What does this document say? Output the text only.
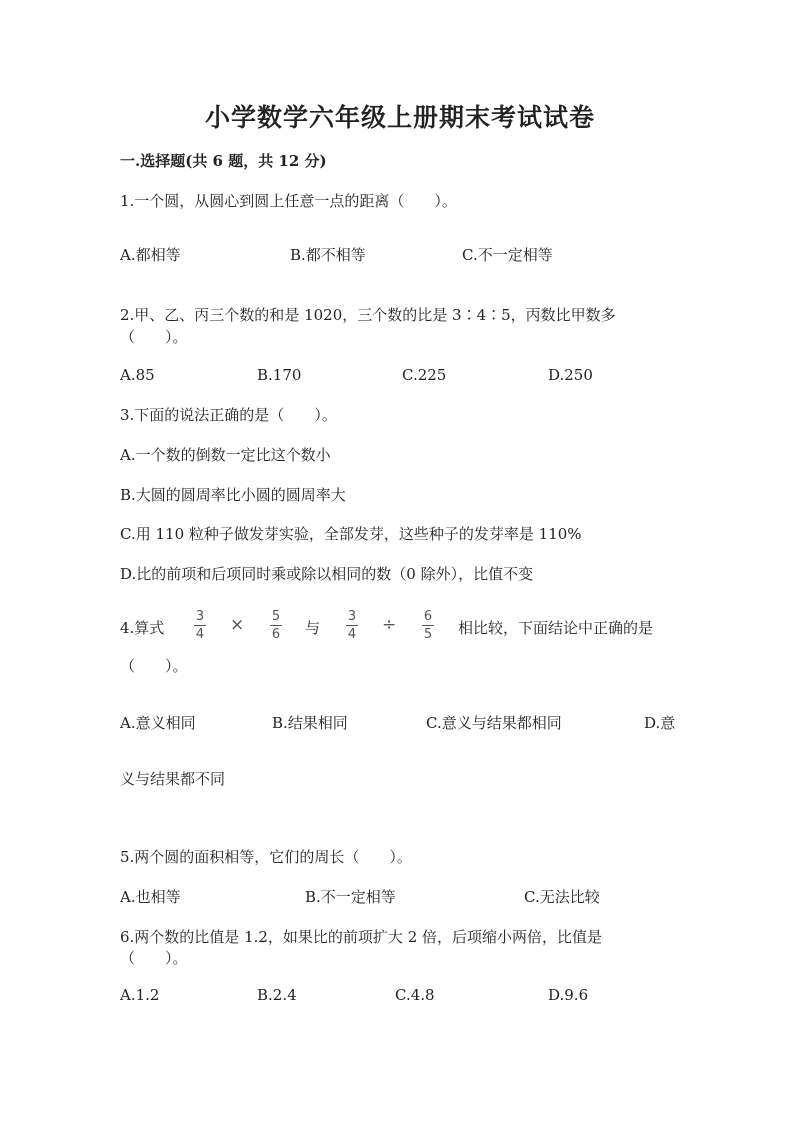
小学数学六年级上册期末考试试卷
一.选择题(共 6 题，共 12 分)
1.一个圆，从圆心到圆上任意一点的距离（　　）。
A.都相等	B.都不相等	C.不一定相等
2.甲、乙、丙三个数的和是 1020，三个数的比是 3∶4∶5，丙数比甲数多
（　　）。
A.85	B.170	C.225	D.250
3.下面的说法正确的是（　　）。
A.一个数的倒数一定比这个数小
B.大圆的圆周率比小圆的圆周率大
C.用 110 粒种子做发芽实验，全部发芽，这些种子的发芽率是 110%
D.比的前项和后项同时乘或除以相同的数（0 除外），比值不变
4.算式
3
4 × 5
6 与
3
4 ÷ 6
5 相比较，下面结论中正确的是
（　　）。
A.意义相同	B.结果相同	C.意义与结果都相同	D.意
义与结果都不同
5.两个圆的面积相等，它们的周长（　　）。
A.也相等	B.不一定相等	C.无法比较
6.两个数的比值是 1.2，如果比的前项扩大 2 倍，后项缩小两倍，比值是
（　　）。
A.1.2	B.2.4	C.4.8	D.9.6
